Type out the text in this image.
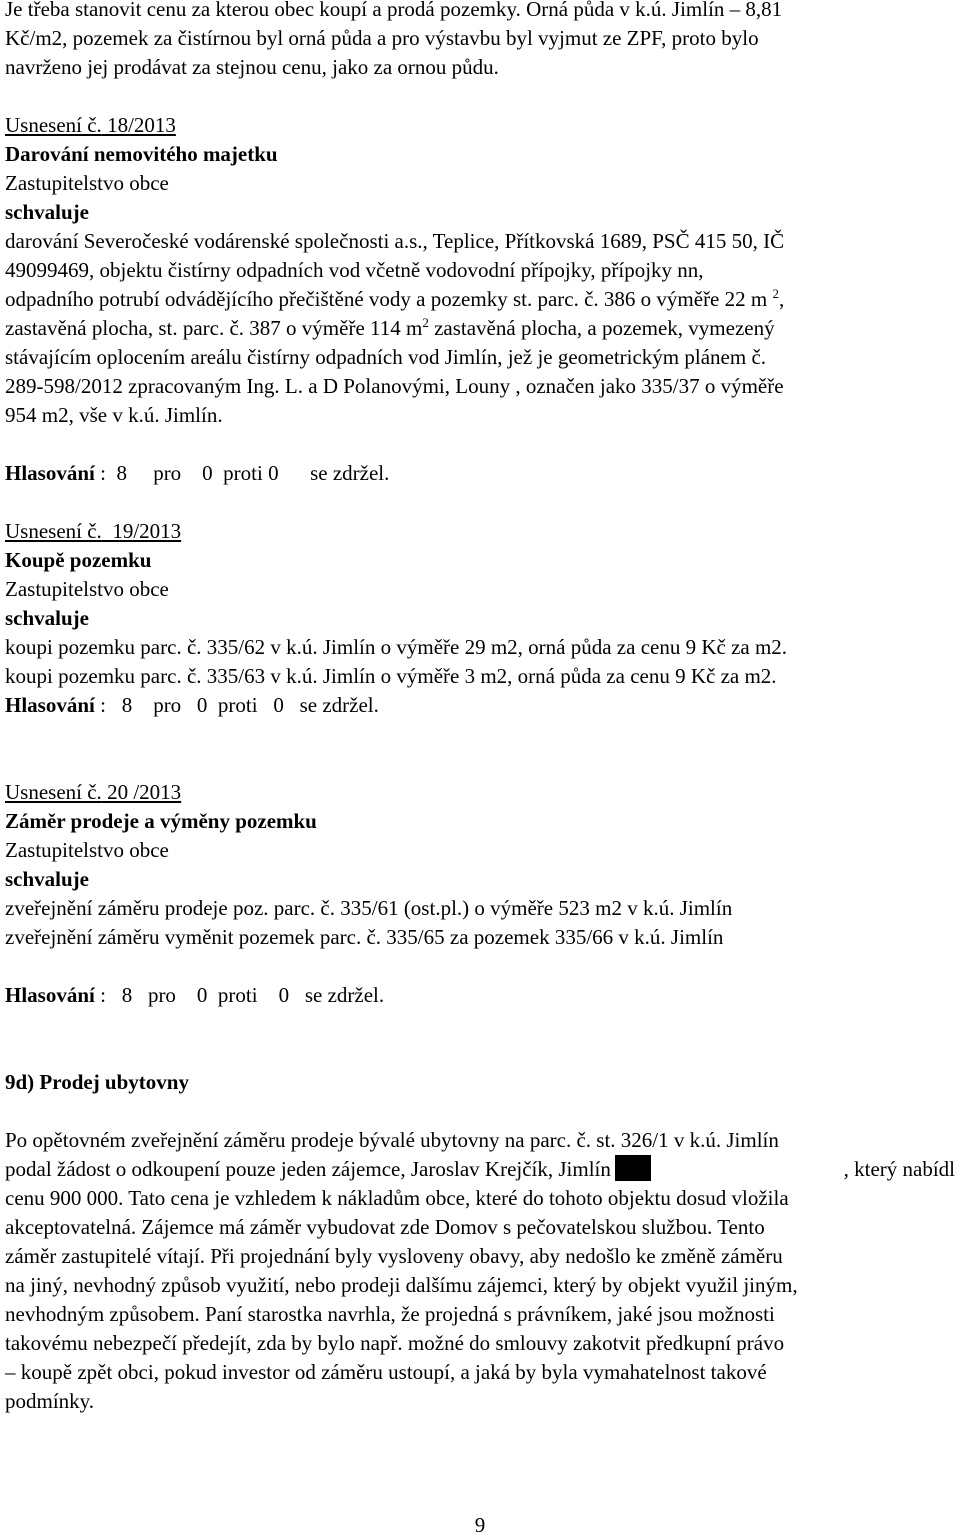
Je třeba stanovit cenu za kterou obec koupí a prodá pozemky. Orná půda v k.ú. Jimlín – 8,81

Kč/m2, pozemek za čistírnou byl orná půda a pro výstavbu byl vyjmut ze ZPF, proto bylo

navrženo jej prodávat za stejnou cenu, jako za ornou půdu.

Usnesení č. 18/2013

Darování nemovitého majetku

Zastupitelstvo obce

schvaluje

darování Severočeské vodárenské společnosti a.s., Teplice, Přítkovská 1689, PSČ 415 50, IČ

49099469, objektu čistírny odpadních vod včetně vodovodní přípojky, přípojky nn,

odpadního potrubí odvádějícího přečištěné vody a pozemky st. parc. č. 386 o výměře 22 m $^2$,

zastavěná plocha, st. parc. č. 387 o výměře 114 $m^2$ zastavěná plocha, a pozemek, vymezený

stávajícím oplocením areálu čistírny odpadních vod Jimlín, jež je geometrickým plánem č.

289-598/2012 zpracovaným Ing. L. a D Polanovými, Louny , označen jako 335/37 o výměře

954 m2, vše v k.ú. Jimlín.

Hlasování :  8     pro    0  proti 0      se zdržel.

Usnesení č.  19/2013

Koupě pozemku

Zastupitelstvo obce

schvaluje

koupi pozemku parc. č. 335/62 v k.ú. Jimlín o výměře 29 m2, orná půda za cenu 9 Kč za m2.

koupi pozemku parc. č. 335/63 v k.ú. Jimlín o výměře 3 m2, orná půda za cenu 9 Kč za m2.

Hlasování :   8    pro   0  proti   0   se zdržel.

Usnesení č. 20 /2013

Záměr prodeje a výměny pozemku

Zastupitelstvo obce

schvaluje

zveřejnění záměru prodeje poz. parc. č. 335/61 (ost.pl.) o výměře 523 m2 v k.ú. Jimlín

zveřejnění záměru vyměnit pozemek parc. č. 335/65 za pozemek 335/66 v k.ú. Jimlín

Hlasování :   8   pro    0  proti    0   se zdržel.

9d) Prodej ubytovny

Po opětovném zveřejnění záměru prodeje bývalé ubytovny na parc. č. st. 326/1 v k.ú. Jimlín

podal žádost o odkoupení pouze jeden zájemce, Jaroslav Krejčík, Jimlín	, který nabídl

cenu 900 000. Tato cena je vzhledem k nákladům obce, které do tohoto objektu dosud vložila

akceptovatelná. Zájemce má záměr vybudovat zde Domov s pečovatelskou službou. Tento

záměr zastupitelé vítají. Při projednání byly vysloveny obavy, aby nedošlo ke změně záměru

na jiný, nevhodný způsob využití, nebo prodeji dalšímu zájemci, který by objekt využil jiným,

nevhodným způsobem. Paní starostka navrhla, že projedná s právníkem, jaké jsou možnosti

takovému nebezpečí předejít, zda by bylo např. možné do smlouvy zakotvit předkupní právo

– koupě zpět obci, pokud investor od záměru ustoupí, a jaká by byla vymahatelnost takové

podmínky.

9
